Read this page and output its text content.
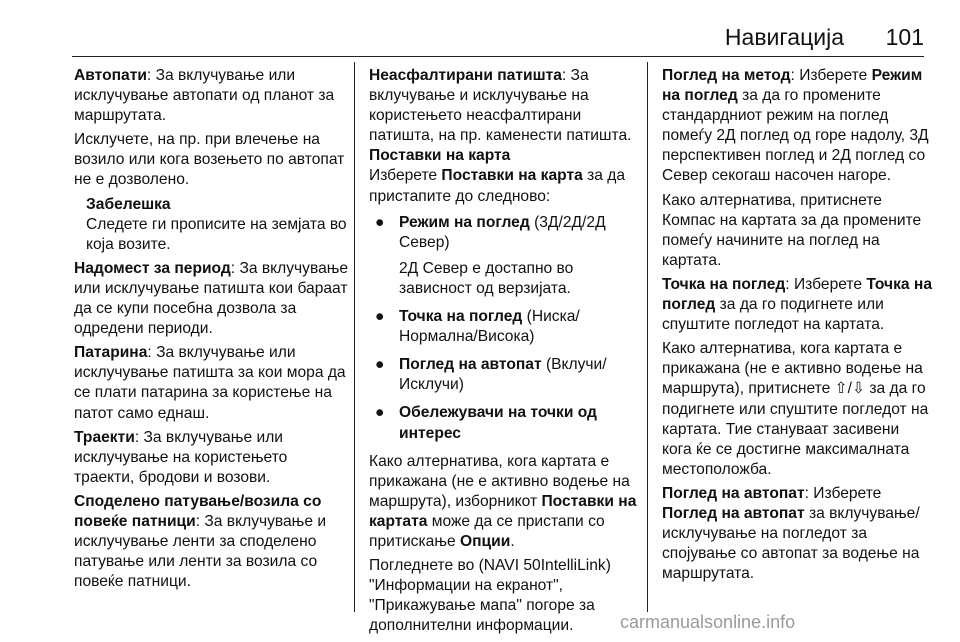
Навигација 101

Автопати: За вклучување или исклучување автопати од планот за маршрутата.

Исклучете, на пр. при влечење на возило или кога возењето по автопат не е дозволено.

Забелешка
Следете ги прописите на земјата во која возите.

Надомест за период: За вклучување или исклучување патишта кои бараат да се купи посебна дозвола за одредени периоди.

Патарина: За вклучување или исклучување патишта за кои мора да се плати патарина за користење на патот само еднаш.

Траекти: За вклучување или исклучување на користењето траекти, бродови и возови.

Споделено патување/возила со повеќе патници: За вклучување и исклучување ленти за споделено патување или ленти за возила со повеќе патници.

Неасфалтирани патишта: За вклучување и исклучување на користењето неасфалтирани патишта, на пр. каменести патишта.

Поставки на карта

Изберете Поставки на карта за да пристапите до следново:

● Режим на поглед (3Д/2Д/2Д Север)

2Д Север е достапно во зависност од верзијата.

● Точка на поглед (Ниска/ Нормална/Висока)
● Поглед на автопат (Вклучи/ Исклучи)
● Обележувачи на точки од интерес

Како алтернатива, кога картата е прикажана (не е активно водење на маршрута), изборникот Поставки на картата може да се пристапи со притискање Опции.

Погледнете во (NAVI 50IntelliLink) "Информации на екранот", "Прикажување мапа" погоре за дополнителни информации.

Поглед на метод: Изберете Режим на поглед за да го промените стандардниот режим на поглед помеѓу 2Д поглед од горе надолу, 3Д перспективен поглед и 2Д поглед со Север секогаш насочен нагоре.

Како алтернатива, притиснете Компас на картата за да промените помеѓу начините на поглед на картата.

Точка на поглед: Изберете Точка на поглед за да го подигнете или спуштите погледот на картата.

Како алтернатива, кога картата е прикажана (не е активно водење на маршрута), притиснете ⇧/⇩ за да го подигнете или спуштите погледот на картата. Тие стануваат засивени кога ќе се достигне максималната местоположба.

Поглед на автопат: Изберете Поглед на автопат за вклучување/ исклучување на погледот за спојување со автопат за водење на маршрутата.

carmanualsonline.info
